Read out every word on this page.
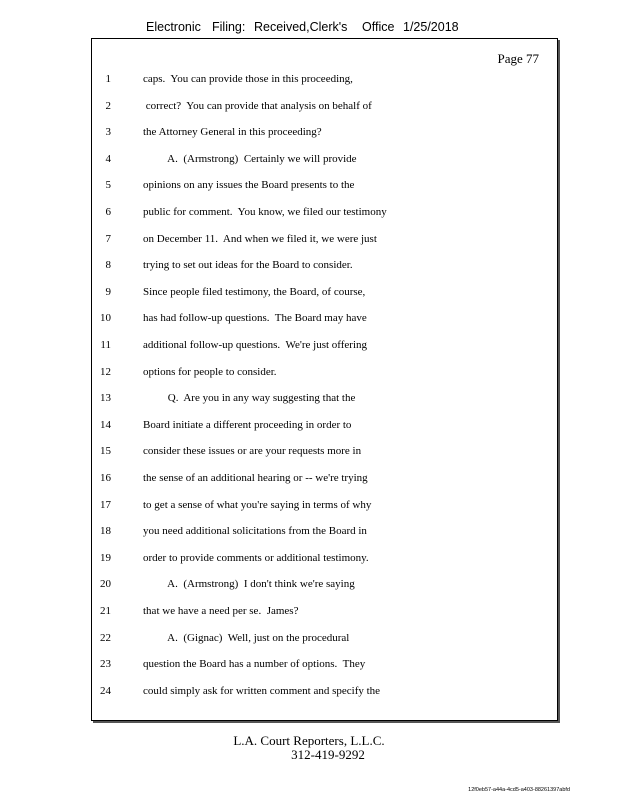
Electronic Filing: Received,Clerk's Office 1/25/2018
Page 77
1	caps.  You can provide those in this proceeding,
2	correct?  You can provide that analysis on behalf of
3	the Attorney General in this proceeding?
4	A.  (Armstrong)  Certainly we will provide
5	opinions on any issues the Board presents to the
6	public for comment.  You know, we filed our testimony
7	on December 11.  And when we filed it, we were just
8	trying to set out ideas for the Board to consider.
9	Since people filed testimony, the Board, of course,
10	has had follow-up questions.  The Board may have
11	additional follow-up questions.  We're just offering
12	options for people to consider.
13	Q.  Are you in any way suggesting that the
14	Board initiate a different proceeding in order to
15	consider these issues or are your requests more in
16	the sense of an additional hearing or -- we're trying
17	to get a sense of what you're saying in terms of why
18	you need additional solicitations from the Board in
19	order to provide comments or additional testimony.
20	A.  (Armstrong)  I don't think we're saying
21	that we have a need per se.  James?
22	A.  (Gignac)  Well, just on the procedural
23	question the Board has a number of options.  They
24	could simply ask for written comment and specify the
L.A. Court Reporters, L.L.C.
312-419-9292
12f0eb57-a44a-4cd5-a403-88261397abfd
